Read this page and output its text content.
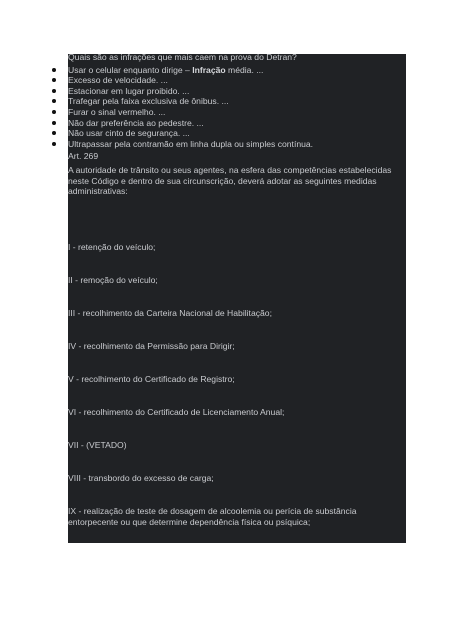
Quais são as infrações que mais caem na prova do Detran?

Usar o celular enquanto dirige – Infração média. ...
Excesso de velocidade. ...
Estacionar em lugar proibido. ...
Trafegar pela faixa exclusiva de ônibus. ...
Furar o sinal vermelho. ...
Não dar preferência ao pedestre. ...
Não usar cinto de segurança. ...
Ultrapassar pela contramão em linha dupla ou simples contínua.

Art. 269

A autoridade de trânsito ou seus agentes, na esfera das competências estabelecidas neste Código e dentro de sua circunscrição, deverá adotar as seguintes medidas administrativas:

I - retenção do veículo;

II - remoção do veículo;

III - recolhimento da Carteira Nacional de Habilitação;

IV - recolhimento da Permissão para Dirigir;

V - recolhimento do Certificado de Registro;

VI - recolhimento do Certificado de Licenciamento Anual;

VII - (VETADO)

VIII - transbordo do excesso de carga;

IX - realização de teste de dosagem de alcoolemia ou perícia de substância entorpecente ou que determine dependência física ou psíquica;
